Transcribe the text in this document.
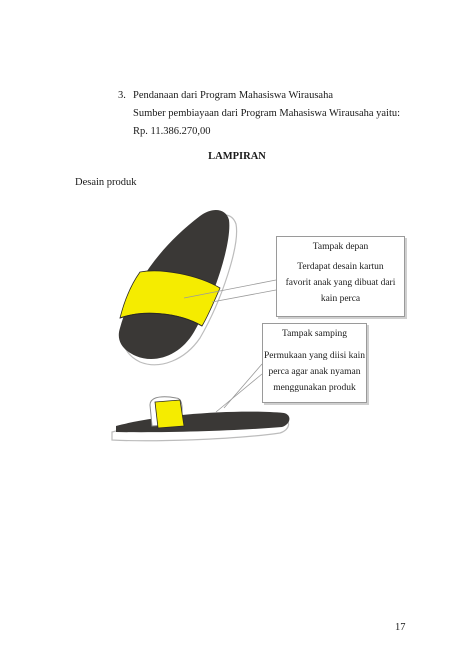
3. Pendanaan dari Program Mahasiswa Wirausaha
Sumber pembiayaan dari Program Mahasiswa Wirausaha yaitu:
Rp. 11.386.270,00
LAMPIRAN
Desain produk
Tampak depan
Terdapat desain kartun
favorit anak yang dibuat dari
kain perca
Tampak samping
Permukaan yang diisi kain
perca agar anak nyaman
menggunakan produk
17
